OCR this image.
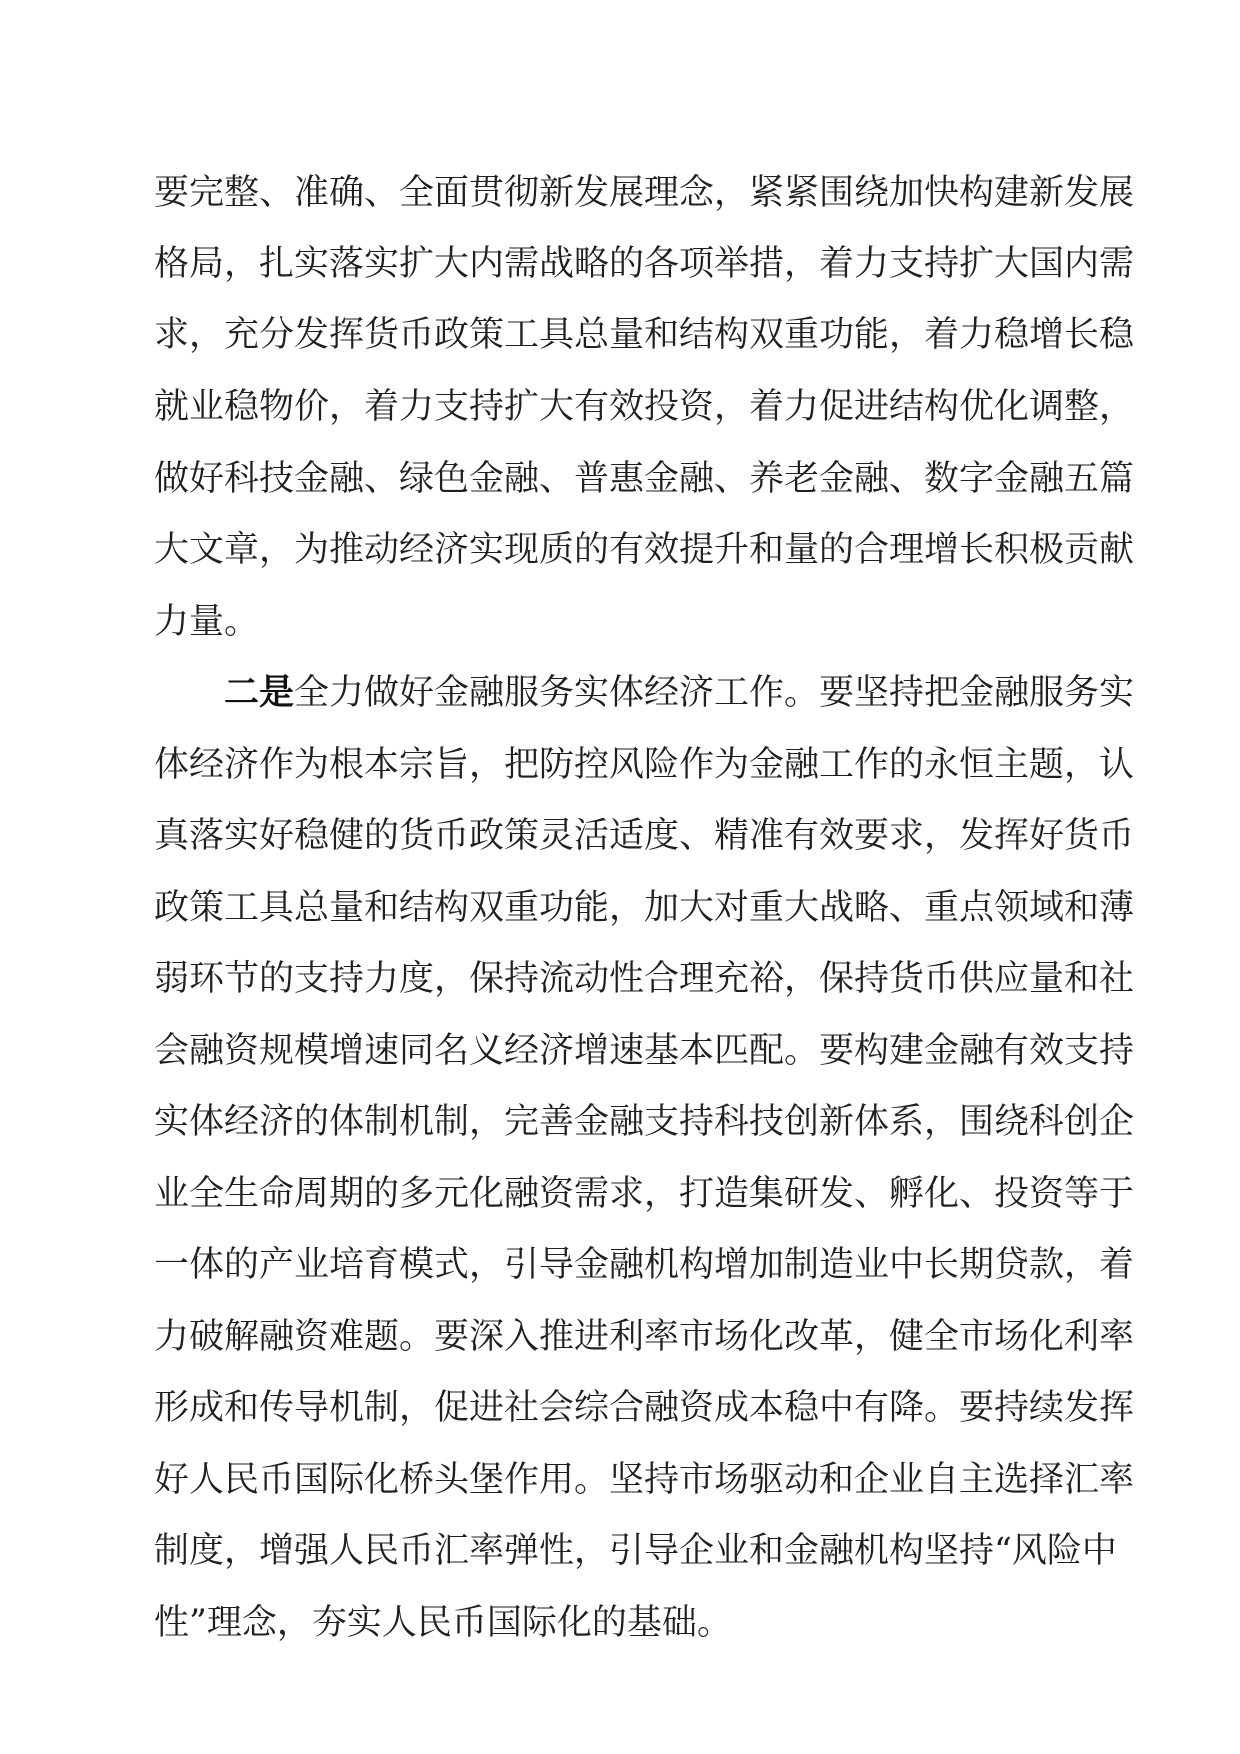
要完整、准确、全面贯彻新发展理念，紧紧围绕加快构建新发展
格局，扎实落实扩大内需战略的各项举措，着力支持扩大国内需
求，充分发挥货币政策工具总量和结构双重功能，着力稳增长稳
就业稳物价，着力支持扩大有效投资，着力促进结构优化调整，
做好科技金融、绿色金融、普惠金融、养老金融、数字金融五篇
大文章，为推动经济实现质的有效提升和量的合理增长积极贡献
力量。
二是全力做好金融服务实体经济工作。要坚持把金融服务实
体经济作为根本宗旨，把防控风险作为金融工作的永恒主题，认
真落实好稳健的货币政策灵活适度、精准有效要求，发挥好货币
政策工具总量和结构双重功能，加大对重大战略、重点领域和薄
弱环节的支持力度，保持流动性合理充裕，保持货币供应量和社
会融资规模增速同名义经济增速基本匹配。要构建金融有效支持
实体经济的体制机制，完善金融支持科技创新体系，围绕科创企
业全生命周期的多元化融资需求，打造集研发、孵化、投资等于
一体的产业培育模式，引导金融机构增加制造业中长期贷款，着
力破解融资难题。要深入推进利率市场化改革，健全市场化利率
形成和传导机制，促进社会综合融资成本稳中有降。要持续发挥
好人民币国际化桥头堡作用。坚持市场驱动和企业自主选择汇率
制度，增强人民币汇率弹性，引导企业和金融机构坚持“风险中
性”理念，夯实人民币国际化的基础。
